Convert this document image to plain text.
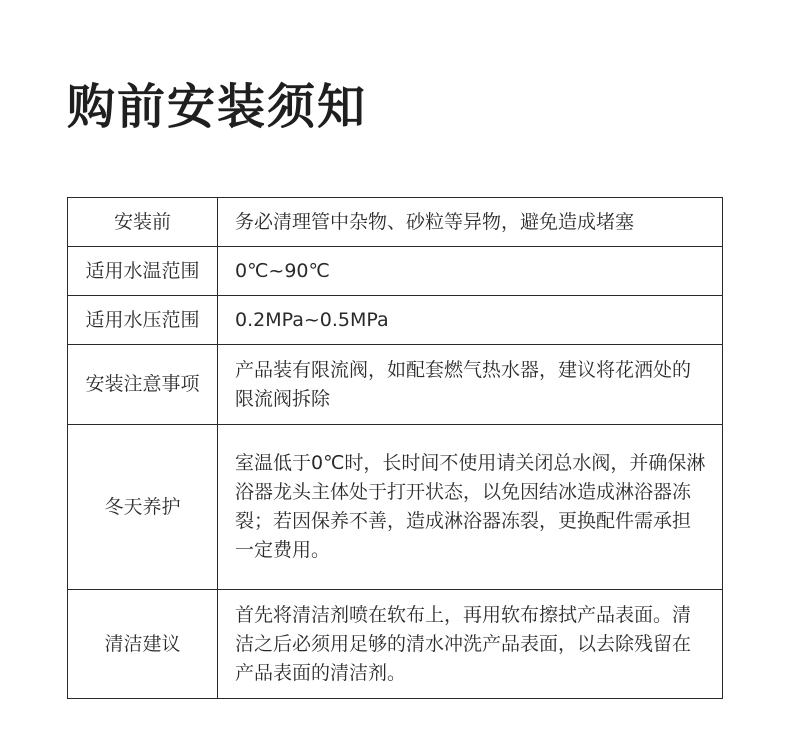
购前安装须知
安装前	务必清理管中杂物、砂粒等异物，避免造成堵塞

适用水温范围	0℃~90℃

适用水压范围	0.2MPa~0.5MPa

安装注意事项	产品装有限流阀，如配套燃气热水器，建议将花洒处的限流阀拆除

冬天养护	室温低于0℃时，长时间不使用请关闭总水阀，并确保淋浴器龙头主体处于打开状态，以免因结冰造成淋浴器冻裂；若因保养不善，造成淋浴器冻裂，更换配件需承担一定费用。

清洁建议	首先将清洁剂喷在软布上，再用软布擦拭产品表面。清洁之后必须用足够的清水冲洗产品表面，以去除残留在产品表面的清洁剂。
